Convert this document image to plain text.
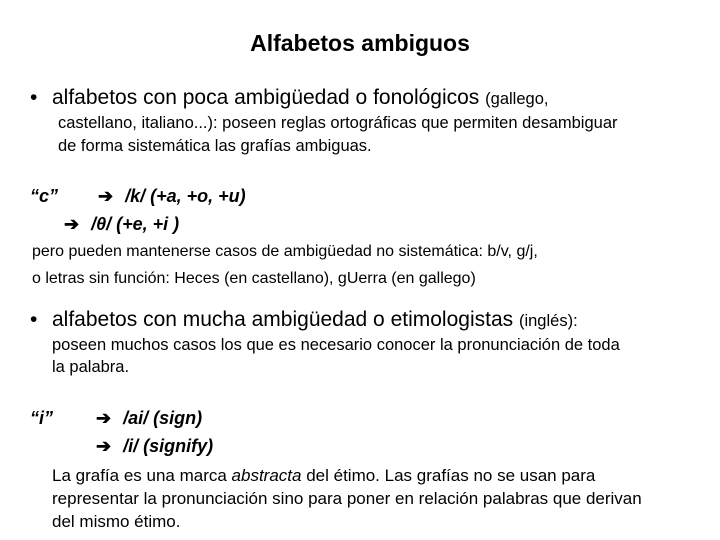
Alfabetos ambiguos
• alfabetos con poca ambigüedad o fonológicos (gallego,
castellano, italiano...): poseen reglas ortográficas que permiten desambiguar
de forma sistemática las grafías ambiguas.
“c” ➔ /k/ (+a, +o, +u)
➔ /θ/ (+e, +i )
pero pueden mantenerse casos de ambigüedad no sistemática: b/v, g/j,
o letras sin función: Heces (en castellano), gUerra (en gallego)
• alfabetos con mucha ambigüedad o etimologistas (inglés):
poseen muchos casos los que es necesario conocer la pronunciación de toda
la palabra.
“i” ➔ /ai/ (sign)
➔ /i/ (signify)
La grafía es una marca abstracta del étimo. Las grafías no se usan para
representar la pronunciación sino para poner en relación palabras que derivan
del mismo étimo.
